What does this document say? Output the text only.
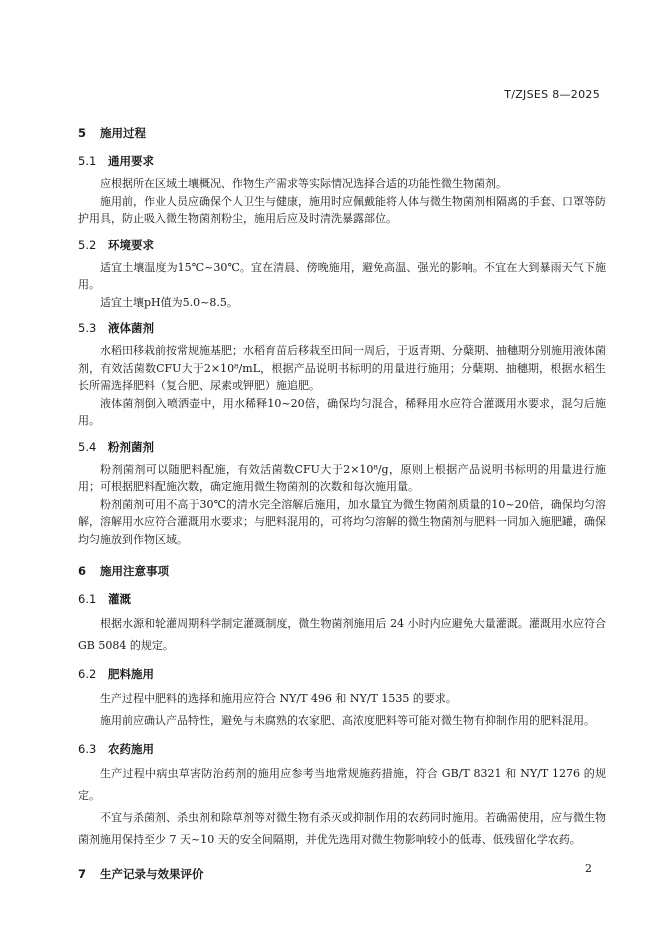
T/ZJSES 8—2025
5 施用过程
5.1 通用要求

应根据所在区域土壤概况、作物生产需求等实际情况选择合适的功能性微生物菌剂。

施用前，作业人员应确保个人卫生与健康，施用时应佩戴能将人体与微生物菌剂相隔离的手套、口罩等防护用具，防止吸入微生物菌剂粉尘，施用后应及时清洗暴露部位。

5.2 环境要求

适宜土壤温度为15℃~30℃。宜在清晨、傍晚施用，避免高温、强光的影响。不宜在大到暴雨天气下施用。

适宜土壤pH值为5.0~8.5。

5.3 液体菌剂

水稻田移栽前按常规施基肥；水稻育苗后移栽至田间一周后，于返青期、分蘖期、抽穗期分别施用液体菌剂，有效活菌数CFU大于2×10⁸/mL，根据产品说明书标明的用量进行施用；分蘖期、抽穗期，根据水稻生长所需选择肥料（复合肥、尿素或钾肥）施追肥。

液体菌剂倒入喷洒壶中，用水稀释10~20倍，确保均匀混合，稀释用水应符合灌溉用水要求，混匀后施用。

5.4 粉剂菌剂

粉剂菌剂可以随肥料配施，有效活菌数CFU大于2×10⁸/g，原则上根据产品说明书标明的用量进行施用；可根据肥料配施次数，确定施用微生物菌剂的次数和每次施用量。

粉剂菌剂可用不高于30℃的清水完全溶解后施用，加水量宜为微生物菌剂质量的10~20倍，确保均匀溶解，溶解用水应符合灌溉用水要求；与肥料混用的，可将均匀溶解的微生物菌剂与肥料一同加入施肥罐，确保均匀施放到作物区域。

6 施用注意事项
6.1 灌溉

根据水源和轮灌周期科学制定灌溉制度，微生物菌剂施用后 24 小时内应避免大量灌溉。灌溉用水应符合 GB 5084 的规定。

6.2 肥料施用

生产过程中肥料的选择和施用应符合 NY/T 496 和 NY/T 1535 的要求。

施用前应确认产品特性，避免与未腐熟的农家肥、高浓度肥料等可能对微生物有抑制作用的肥料混用。

6.3 农药施用

生产过程中病虫草害防治药剂的施用应参考当地常规施药措施，符合 GB/T 8321 和 NY/T 1276 的规定。

不宜与杀菌剂、杀虫剂和除草剂等对微生物有杀灭或抑制作用的农药同时施用。若确需使用，应与微生物菌剂施用保持至少 7 天~10 天的安全间隔期，并优先选用对微生物影响较小的低毒、低残留化学农药。

7 生产记录与效果评价	2
